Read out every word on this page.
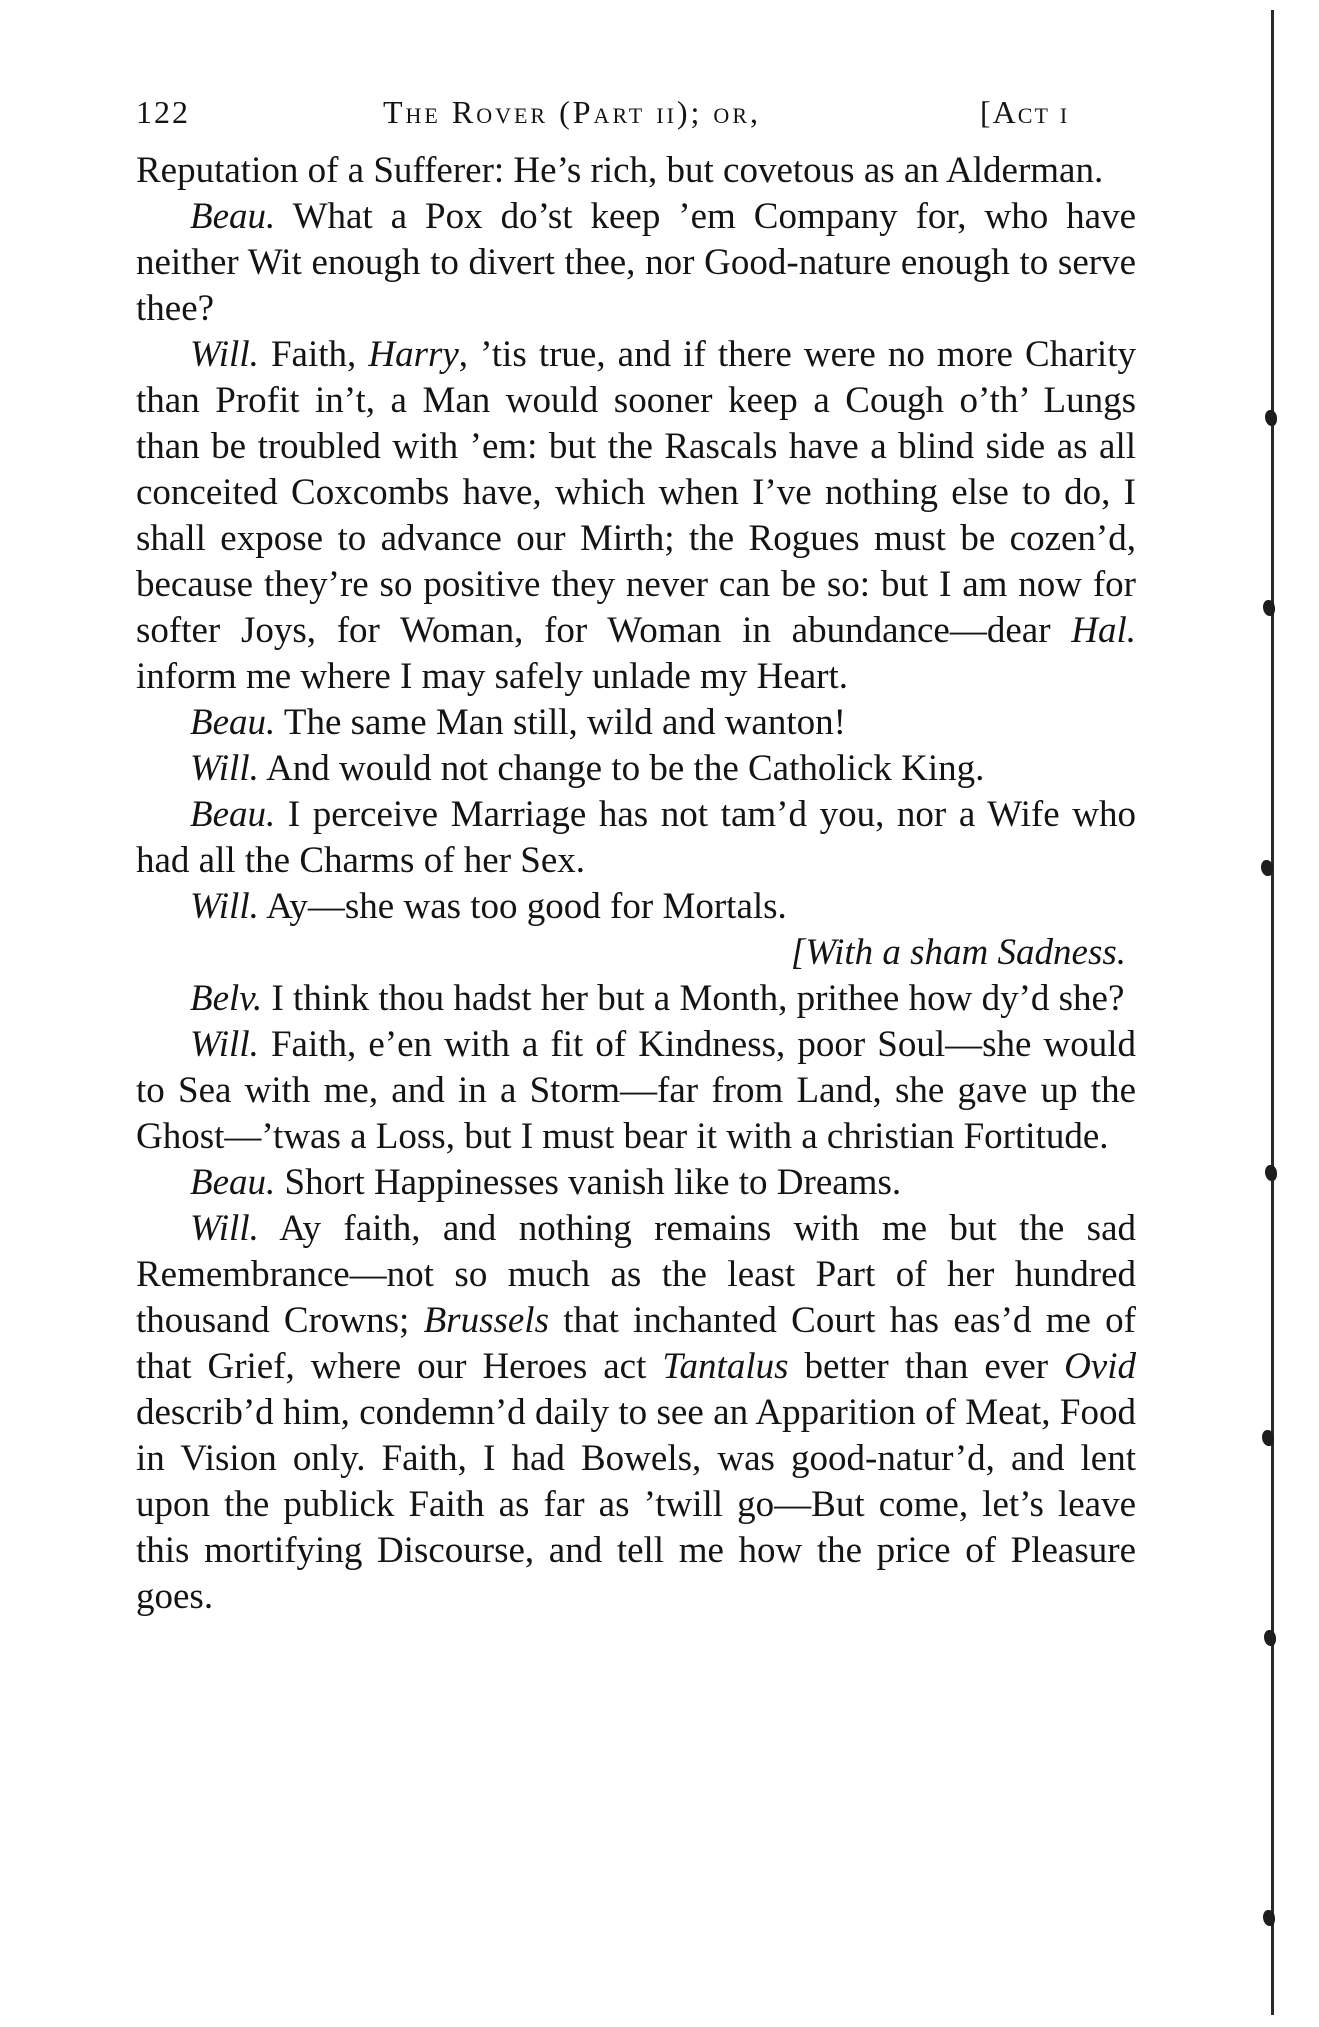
122	The Rover (Part ii); or,	[Act i

Reputation of a Sufferer: He’s rich, but covetous as an Alderman.

Beau. What a Pox do’st keep ’em Company for, who have neither Wit enough to divert thee, nor Good-nature enough to serve thee?

Will. Faith, Harry, ’tis true, and if there were no more Charity than Profit in’t, a Man would sooner keep a Cough o’th’ Lungs than be troubled with ’em: but the Rascals have a blind side as all conceited Coxcombs have, which when I’ve nothing else to do, I shall expose to advance our Mirth; the Rogues must be cozen’d, because they’re so positive they never can be so: but I am now for softer Joys, for Woman, for Woman in abundance—dear Hal. inform me where I may safely unlade my Heart.

Beau. The same Man still, wild and wanton!

Will. And would not change to be the Catholick King.

Beau. I perceive Marriage has not tam’d you, nor a Wife who had all the Charms of her Sex.

Will. Ay—she was too good for Mortals.

[With a sham Sadness.

Belv. I think thou hadst her but a Month, prithee how dy’d she?

Will. Faith, e’en with a fit of Kindness, poor Soul—she would to Sea with me, and in a Storm—far from Land, she gave up the Ghost—’twas a Loss, but I must bear it with a christian Fortitude.

Beau. Short Happinesses vanish like to Dreams.

Will. Ay faith, and nothing remains with me but the sad Remembrance—not so much as the least Part of her hundred thousand Crowns; Brussels that inchanted Court has eas’d me of that Grief, where our Heroes act Tantalus better than ever Ovid describ’d him, condemn’d daily to see an Apparition of Meat, Food in Vision only. Faith, I had Bowels, was good-natur’d, and lent upon the publick Faith as far as ’twill go—But come, let’s leave this mortifying Discourse, and tell me how the price of Pleasure goes.
